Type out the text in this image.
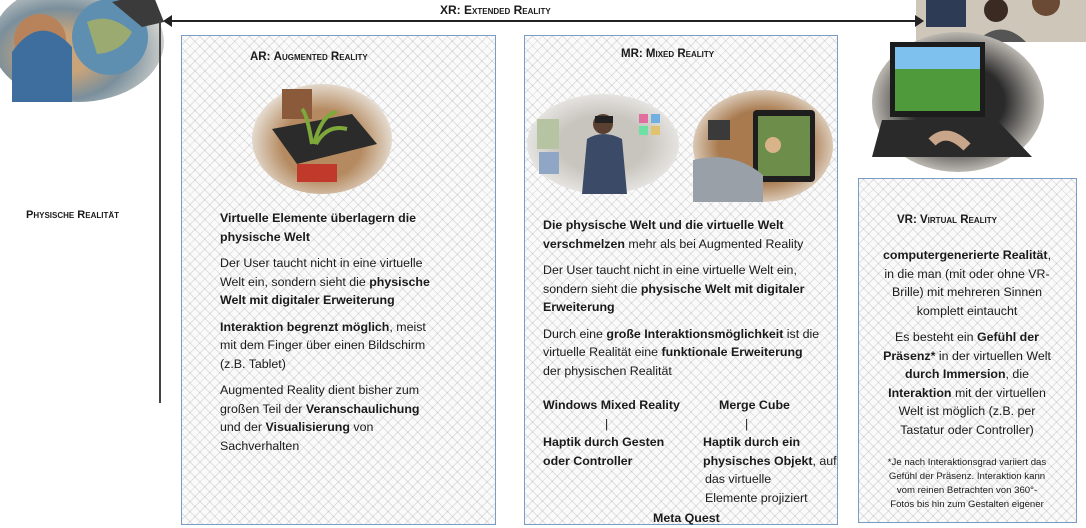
XR: Extended Reality
Physische Realität
AR: Augmented Reality
Virtuelle Elemente überlagern die
physische Welt
Der User taucht nicht in eine virtuelle
Welt ein, sondern sieht die physische
Welt mit digitaler Erweiterung
Interaktion begrenzt möglich, meist
mit dem Finger über einen Bildschirm
(z.B. Tablet)
Augmented Reality dient bisher zum
großen Teil der Veranschaulichung
und der Visualisierung von
Sachverhalten
MR: Mixed Reality
Die physische Welt und die virtuelle Welt
verschmelzen mehr als bei Augmented Reality
Der User taucht nicht in eine virtuelle Welt ein,
sondern sieht die physische Welt mit digitaler
Erweiterung
Durch eine große Interaktionsmöglichkeit ist die
virtuelle Realität eine funktionale Erweiterung
der physischen Realität
Windows Mixed Reality
|
Haptik durch Gesten
oder Controller
Merge Cube
|
Haptik durch ein
physisches Objekt, auf
das virtuelle
Elemente projiziert
Meta Quest
VR: Virtual Reality
computergenerierte Realität,
in die man (mit oder ohne VR-
Brille) mit mehreren Sinnen
komplett eintaucht
Es besteht ein Gefühl der
Präsenz* in der virtuellen Welt
durch Immersion, die
Interaktion mit der virtuellen
Welt ist möglich (z.B. per
Tastatur oder Controller)
*Je nach Interaktionsgrad variiert das
Gefühl der Präsenz. Interaktion kann
vom reinen Betrachten von 360°-
Fotos bis hin zum Gestalten eigener
